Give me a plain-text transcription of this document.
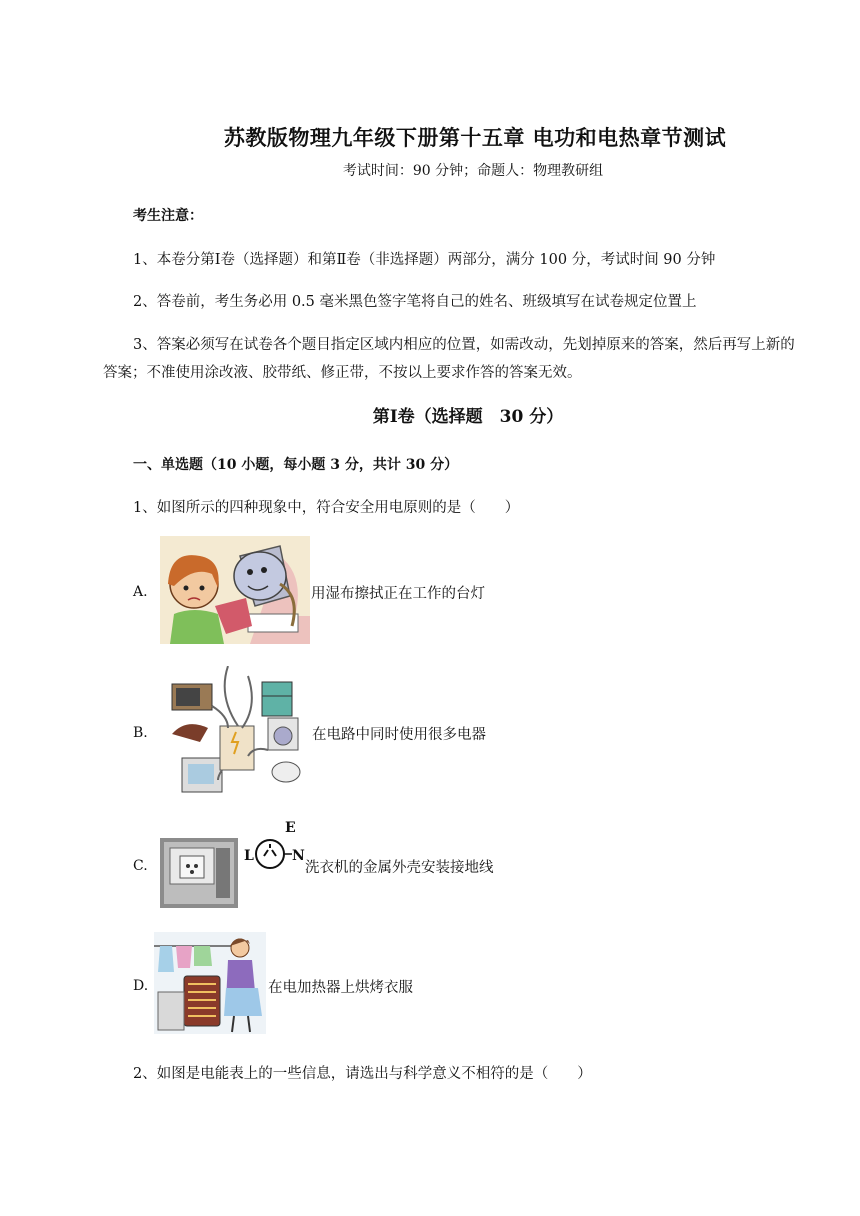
苏教版物理九年级下册第十五章 电功和电热章节测试
考试时间：90 分钟；命题人：物理教研组
考生注意：
1、本卷分第Ⅰ卷（选择题）和第Ⅱ卷（非选择题）两部分，满分 100 分，考试时间 90 分钟
2、答卷前，考生务必用 0.5 毫米黑色签字笔将自己的姓名、班级填写在试卷规定位置上
3、答案必须写在试卷各个题目指定区域内相应的位置，如需改动，先划掉原来的答案，然后再写上新的答案；不准使用涂改液、胶带纸、修正带，不按以上要求作答的答案无效。
第Ⅰ卷（选择题　30 分）
一、单选题（10 小题，每小题 3 分，共计 30 分）
1、如图所示的四种现象中，符合安全用电原则的是（　　）
A.	用湿布擦拭正在工作的台灯
B.	在电路中同时使用很多电器
C.
E
L	N
洗衣机的金属外壳安装接地线
D.	在电加热器上烘烤衣服
2、如图是电能表上的一些信息，请选出与科学意义不相符的是（　　）
